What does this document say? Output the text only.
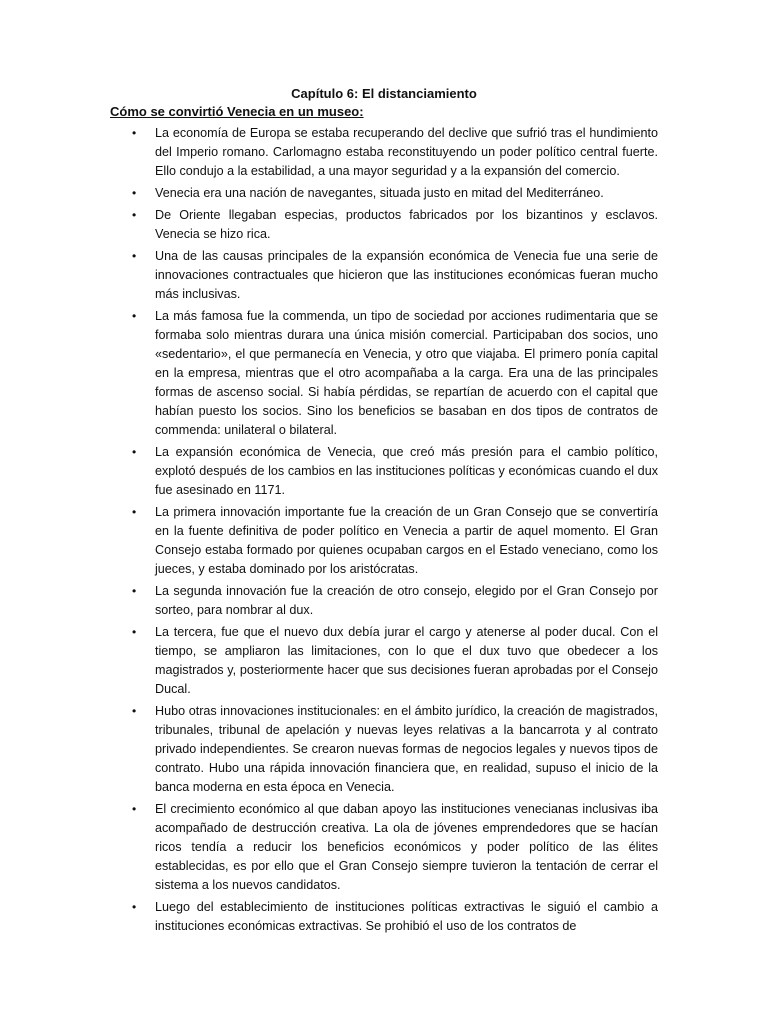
Capítulo 6: El distanciamiento
Cómo se convirtió Venecia en un museo:
•	La economía de Europa se estaba recuperando del declive que sufrió tras el hundimiento del Imperio romano. Carlomagno estaba reconstituyendo un poder político central fuerte. Ello condujo a la estabilidad, a una mayor seguridad y a la expansión del comercio.
•	Venecia era una nación de navegantes, situada justo en mitad del Mediterráneo.
•	De Oriente llegaban especias, productos fabricados por los bizantinos y esclavos. Venecia se hizo rica.
•	Una de las causas principales de la expansión económica de Venecia fue una serie de innovaciones contractuales que hicieron que las instituciones económicas fueran mucho más inclusivas.
•	La más famosa fue la commenda, un tipo de sociedad por acciones rudimentaria que se formaba solo mientras durara una única misión comercial. Participaban dos socios, uno «sedentario», el que permanecía en Venecia, y otro que viajaba. El primero ponía capital en la empresa, mientras que el otro acompañaba a la carga. Era una de las principales formas de ascenso social. Si había pérdidas, se repartían de acuerdo con el capital que habían puesto los socios. Sino los beneficios se basaban en dos tipos de contratos de commenda: unilateral o bilateral.
•	La expansión económica de Venecia, que creó más presión para el cambio político, explotó después de los cambios en las instituciones políticas y económicas cuando el dux fue asesinado en 1171.
•	La primera innovación importante fue la creación de un Gran Consejo que se convertiría en la fuente definitiva de poder político en Venecia a partir de aquel momento. El Gran Consejo estaba formado por quienes ocupaban cargos en el Estado veneciano, como los jueces, y estaba dominado por los aristócratas.
•	La segunda innovación fue la creación de otro consejo, elegido por el Gran Consejo por sorteo, para nombrar al dux.
•	La tercera, fue que el nuevo dux debía jurar el cargo y atenerse al poder ducal. Con el tiempo, se ampliaron las limitaciones, con lo que el dux tuvo que obedecer a los magistrados y, posteriormente hacer que sus decisiones fueran aprobadas por el Consejo Ducal.
•	Hubo otras innovaciones institucionales: en el ámbito jurídico, la creación de magistrados, tribunales, tribunal de apelación y nuevas leyes relativas a la bancarrota y al contrato privado independientes. Se crearon nuevas formas de negocios legales y nuevos tipos de contrato. Hubo una rápida innovación financiera que, en realidad, supuso el inicio de la banca moderna en esta época en Venecia.
•	El crecimiento económico al que daban apoyo las instituciones venecianas inclusivas iba acompañado de destrucción creativa. La ola de jóvenes emprendedores que se hacían ricos tendía a reducir los beneficios económicos y poder político de las élites establecidas, es por ello que el Gran Consejo siempre tuvieron la tentación de cerrar el sistema a los nuevos candidatos.
•	Luego del establecimiento de instituciones políticas extractivas le siguió el cambio a instituciones económicas extractivas. Se prohibió el uso de los contratos de
